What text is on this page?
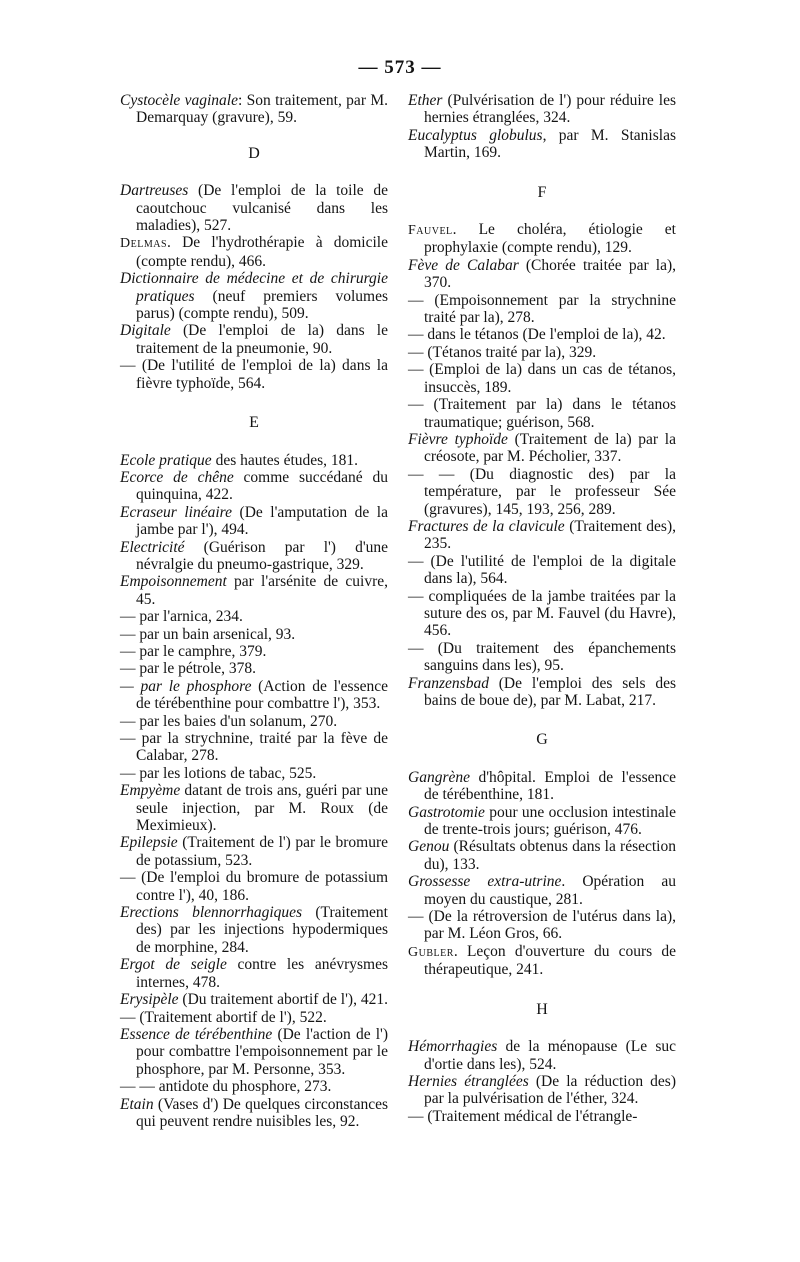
— 573 —
Cystocèle vaginale: Son traitement, par M. Demarquay (gravure), 59.
D
Dartreuses (De l'emploi de la toile de caoutchouc vulcanisé dans les maladies), 527.
Delmas. De l'hydrothérapie à domicile (compte rendu), 466.
Dictionnaire de médecine et de chirurgie pratiques (neuf premiers volumes parus) (compte rendu), 509.
Digitale (De l'emploi de la) dans le traitement de la pneumonie, 90.
— (De l'utilité de l'emploi de la) dans la fièvre typhoïde, 564.
E
Ecole pratique des hautes études, 181.
Ecorce de chêne comme succédané du quinquina, 422.
Ecraseur linéaire (De l'amputation de la jambe par l'), 494.
Electricité (Guérison par l') d'une névralgie du pneumo-gastrique, 329.
Empoisonnement par l'arsénite de cuivre, 45.
— par l'arnica, 234.
— par un bain arsenical, 93.
— par le camphre, 379.
— par le pétrole, 378.
— par le phosphore (Action de l'essence de térébenthine pour combattre l'), 353.
— par les baies d'un solanum, 270.
— par la strychnine, traité par la fève de Calabar, 278.
— par les lotions de tabac, 525.
Empyème datant de trois ans, guéri par une seule injection, par M. Roux (de Meximieux).
Epilepsie (Traitement de l') par le bromure de potassium, 523.
— (De l'emploi du bromure de potassium contre l'), 40, 186.
Erections blennorrhagiques (Traitement des) par les injections hypodermiques de morphine, 284.
Ergot de seigle contre les anévrysmes internes, 478.
Erysipèle (Du traitement abortif de l'), 421.
— (Traitement abortif de l'), 522.
Essence de térébenthine (De l'action de l') pour combattre l'empoisonnement par le phosphore, par M. Personne, 353.
— — antidote du phosphore, 273.
Etain (Vases d') De quelques circonstances qui peuvent rendre nuisibles les, 92.
Ether (Pulvérisation de l') pour réduire les hernies étranglées, 324.
Eucalyptus globulus, par M. Stanislas Martin, 169.
F
Fauvel. Le choléra, étiologie et prophylaxie (compte rendu), 129.
Fève de Calabar (Chorée traitée par la), 370.
— (Empoisonnement par la strychnine traité par la), 278.
— dans le tétanos (De l'emploi de la), 42.
— (Tétanos traité par la), 329.
— (Emploi de la) dans un cas de tétanos, insuccès, 189.
— (Traitement par la) dans le tétanos traumatique; guérison, 568.
Fièvre typhoïde (Traitement de la) par la créosote, par M. Pécholier, 337.
— — (Du diagnostic des) par la température, par le professeur Sée (gravures), 145, 193, 256, 289.
Fractures de la clavicule (Traitement des), 235.
— (De l'utilité de l'emploi de la digitale dans la), 564.
— compliquées de la jambe traitées par la suture des os, par M. Fauvel (du Havre), 456.
— (Du traitement des épanchements sanguins dans les), 95.
Franzensbad (De l'emploi des sels des bains de boue de), par M. Labat, 217.
G
Gangrène d'hôpital. Emploi de l'essence de térébenthine, 181.
Gastrotomie pour une occlusion intestinale de trente-trois jours; guérison, 476.
Genou (Résultats obtenus dans la résection du), 133.
Grossesse extra-utrine. Opération au moyen du caustique, 281.
— (De la rétroversion de l'utérus dans la), par M. Léon Gros, 66.
Gubler. Leçon d'ouverture du cours de thérapeutique, 241.
H
Hémorrhagies de la ménopause (Le suc d'ortie dans les), 524.
Hernies étranglées (De la réduction des) par la pulvérisation de l'éther, 324.
— (Traitement médical de l'étrangle-
